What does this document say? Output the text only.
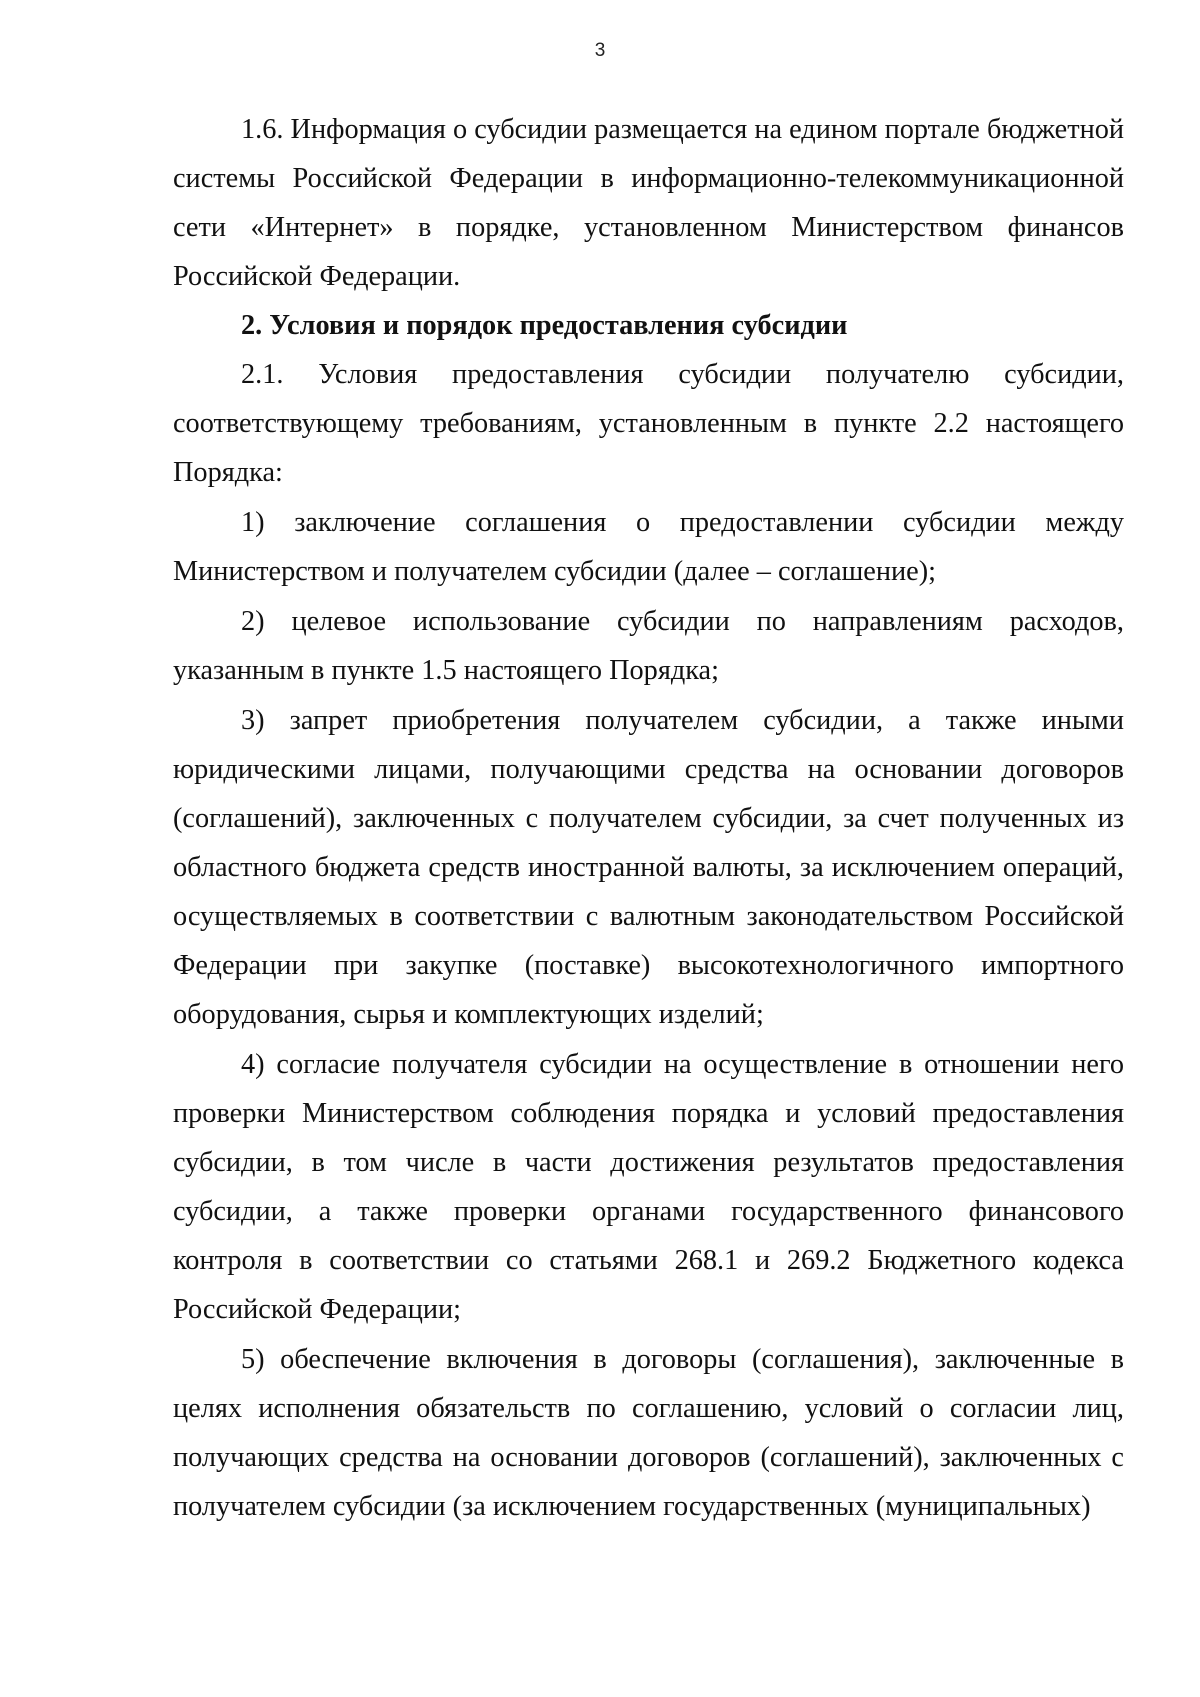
3

1.6. Информация о субсидии размещается на едином портале бюджетной системы Российской Федерации в информационно-телекоммуникационной сети «Интернет» в порядке, установленном Министерством финансов Российской Федерации.

2. Условия и порядок предоставления субсидии

2.1. Условия предоставления субсидии получателю субсидии, соответствующему требованиям, установленным в пункте 2.2 настоящего Порядка:

1) заключение соглашения о предоставлении субсидии между Министерством и получателем субсидии (далее – соглашение);

2) целевое использование субсидии по направлениям расходов, указанным в пункте 1.5 настоящего Порядка;

3) запрет приобретения получателем субсидии, а также иными юридическими лицами, получающими средства на основании договоров (соглашений), заключенных с получателем субсидии, за счет полученных из областного бюджета средств иностранной валюты, за исключением операций, осуществляемых в соответствии с валютным законодательством Российской Федерации при закупке (поставке) высокотехнологичного импортного оборудования, сырья и комплектующих изделий;

4) согласие получателя субсидии на осуществление в отношении него проверки Министерством соблюдения порядка и условий предоставления субсидии, в том числе в части достижения результатов предоставления субсидии, а также проверки органами государственного финансового контроля в соответствии со статьями 268.1 и 269.2 Бюджетного кодекса Российской Федерации;

5) обеспечение включения в договоры (соглашения), заключенные в целях исполнения обязательств по соглашению, условий о согласии лиц, получающих средства на основании договоров (соглашений), заключенных с получателем субсидии (за исключением государственных (муниципальных)
